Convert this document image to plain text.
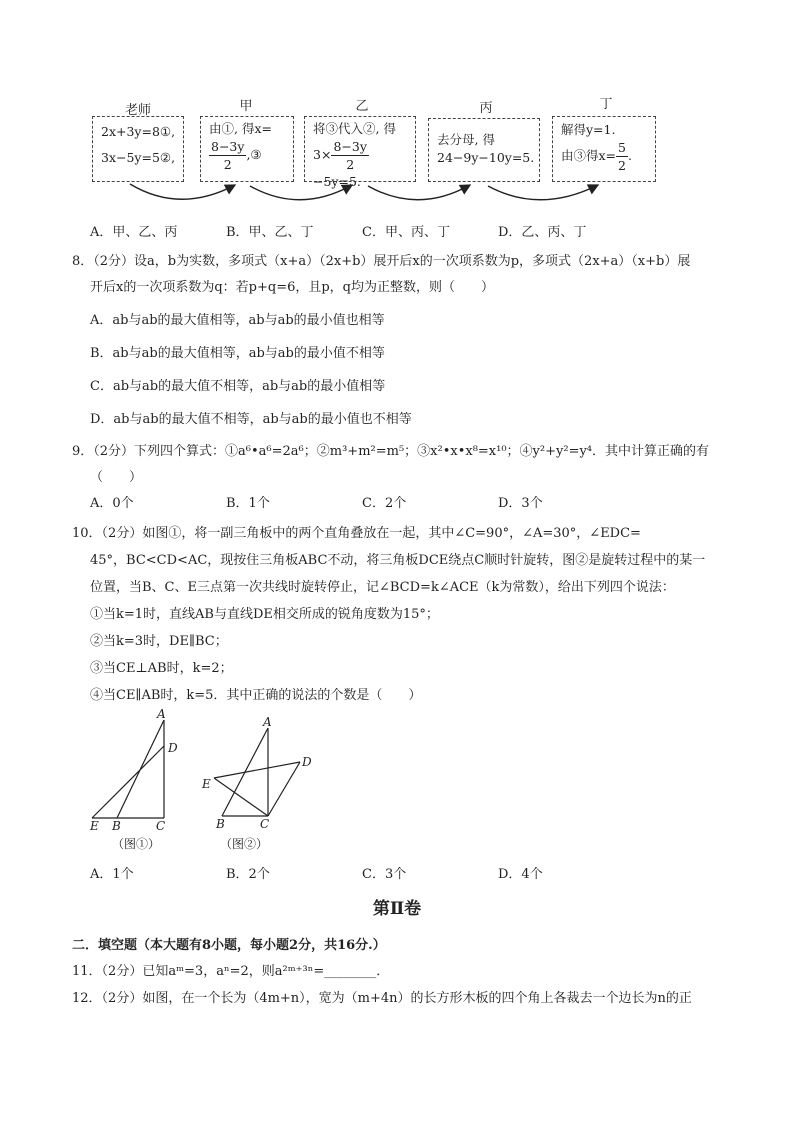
老师	甲	乙	丙	丁
2x+3y=8①,
3x−5y=5②,
由①, 得x=
$\frac{8-3y}{2}$ ,③
将③代入②, 得
$3\times \frac{8-3y}{2}$
−5y=5.
去分母, 得
24−9y−10y=5.
解得y=1.
由③得$x= \frac{5}{2}$ .
A．甲、乙、丙	B．甲、乙、丁	C．甲、丙、丁	D．乙、丙、丁
8．（2分）设a，b为实数，多项式（x+a）（2x+b）展开后x的一次项系数为p，多项式（2x+a）（x+b）展
开后x的一次项系数为q：若p+q=6，且p，q均为正整数，则（　　）
A．ab与ab的最大值相等，ab与ab的最小值也相等
B．ab与ab的最大值相等，ab与ab的最小值不相等
C．ab与ab的最大值不相等，ab与ab的最小值相等
D．ab与ab的最大值不相等，ab与ab的最小值也不相等
9．（2分）下列四个算式：①a⁶•a⁶=2a⁶；②m³+m²=m⁵；③x²•x•x⁸=x¹⁰；④y²+y²=y⁴．其中计算正确的有
（　　）
A．0个	B．1个	C．2个	D．3个
10．（2分）如图①，将一副三角板中的两个直角叠放在一起，其中∠C=90°，∠A=30°，∠EDC=
45°，BC<CD<AC，现按住三角板ABC不动，将三角板DCE绕点C顺时针旋转，图②是旋转过程中的某一
位置，当B、C、E三点第一次共线时旋转停止，记∠BCD=k∠ACE（k为常数），给出下列四个说法：
①当k=1时，直线AB与直线DE相交所成的锐角度数为15°；
②当k=3时，DE∥BC；
③当CE⊥AB时，k=2；
④当CE∥AB时，k=5．其中正确的说法的个数是（　　）
A
D
E B	C
（图①）
A
D
E
B	C
（图②）
A．1个	B．2个	C．3个	D．4个
第Ⅱ卷
二．填空题（本大题有8小题，每小题2分，共16分.）
11．（2分）已知aᵐ=3，aⁿ=2，则a²ᵐ⁺³ⁿ=________．
12．（2分）如图，在一个长为（4m+n），宽为（m+4n）的长方形木板的四个角上各裁去一个边长为n的正
